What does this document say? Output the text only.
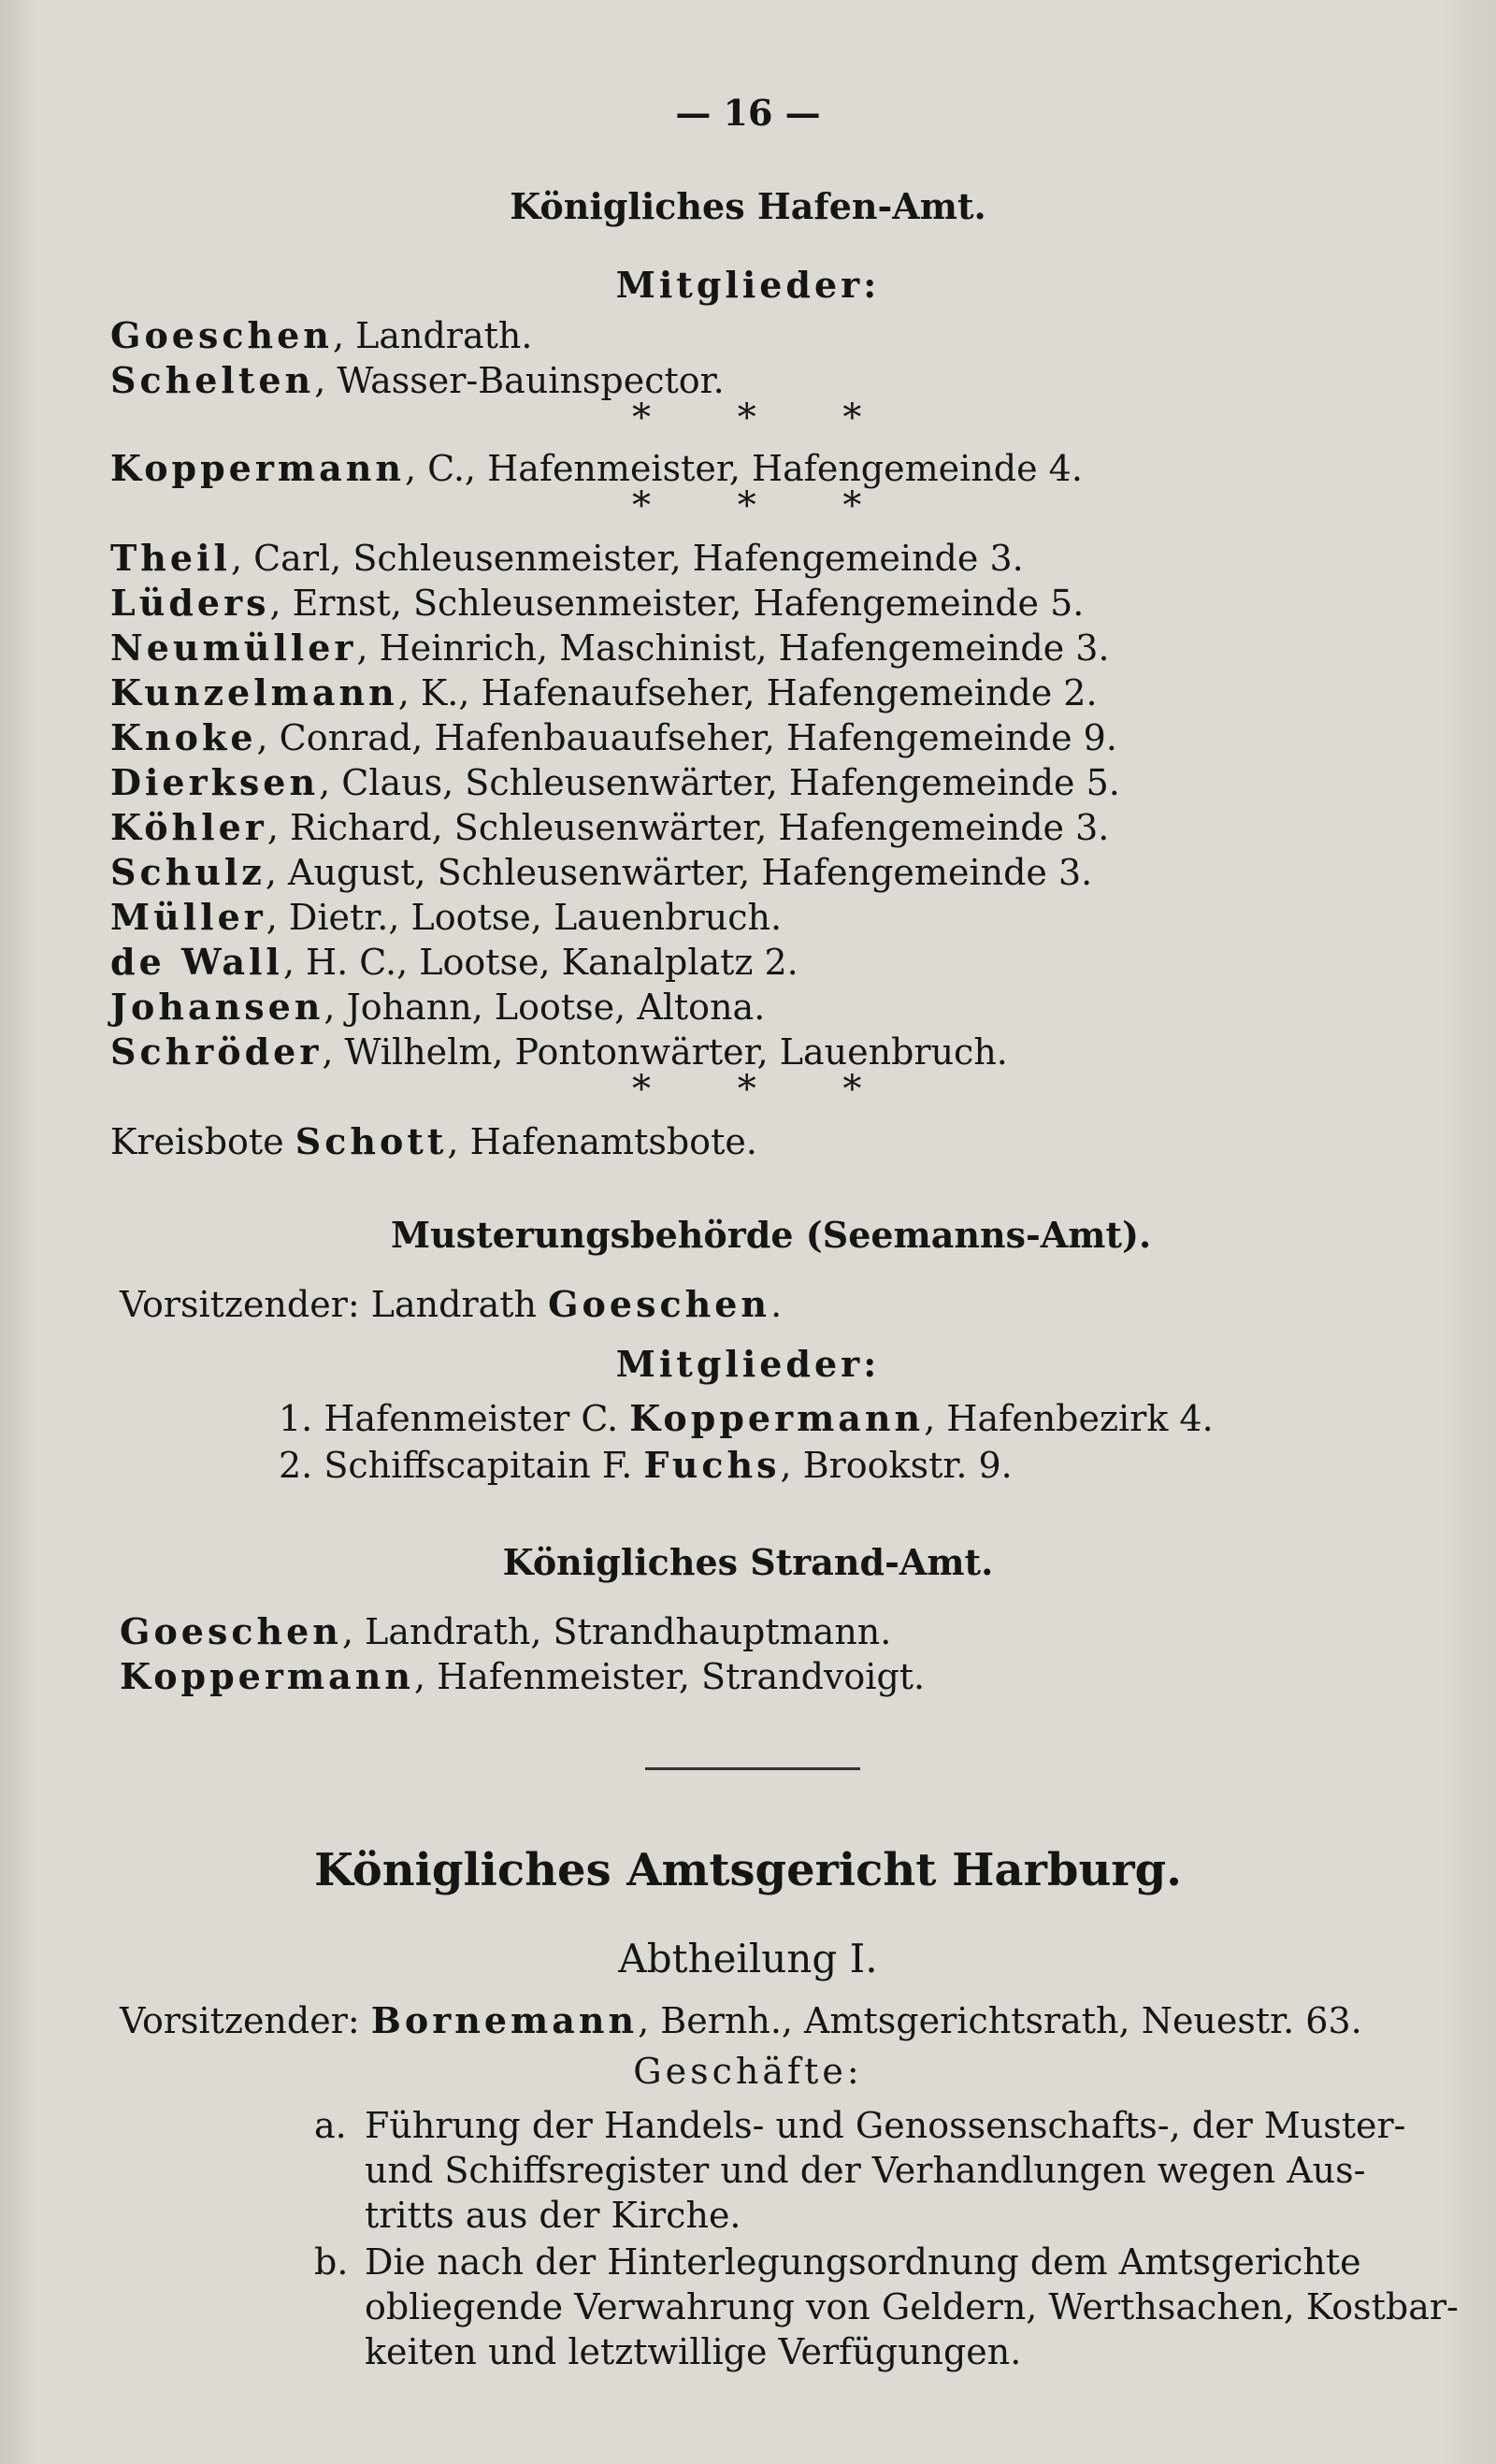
— 16 —
Königliches Hafen-Amt.
Mitglieder:
Goeschen, Landrath.
Schelten, Wasser-Bauinspector.
* * *
Koppermann, C., Hafenmeister, Hafengemeinde 4.
* * *
Theil, Carl, Schleusenmeister, Hafengemeinde 3.
Lüders, Ernst, Schleusenmeister, Hafengemeinde 5.
Neumüller, Heinrich, Maschinist, Hafengemeinde 3.
Kunzelmann, K., Hafenaufseher, Hafengemeinde 2.
Knoke, Conrad, Hafenbauaufseher, Hafengemeinde 9.
Dierksen, Claus, Schleusenwärter, Hafengemeinde 5.
Köhler, Richard, Schleusenwärter, Hafengemeinde 3.
Schulz, August, Schleusenwärter, Hafengemeinde 3.
Müller, Dietr., Lootse, Lauenbruch.
de Wall, H. C., Lootse, Kanalplatz 2.
Johansen, Johann, Lootse, Altona.
Schröder, Wilhelm, Pontonwärter, Lauenbruch.
* * *
Kreisbote Schott, Hafenamtsbote.
Musterungsbehörde (Seemanns-Amt).
Vorsitzender: Landrath Goeschen.
Mitglieder:
1. Hafenmeister C. Koppermann, Hafenbezirk 4.
2. Schiffscapitain F. Fuchs, Brookstr. 9.
Königliches Strand-Amt.
Goeschen, Landrath, Strandhauptmann.
Koppermann, Hafenmeister, Strandvoigt.
Königliches Amtsgericht Harburg.
Abtheilung I.
Vorsitzender: Bornemann, Bernh., Amtsgerichtsrath, Neuestr. 63.
Geschäfte:
a. Führung der Handels- und Genossenschafts-, der Muster-
und Schiffsregister und der Verhandlungen wegen Aus-
tritts aus der Kirche.
b. Die nach der Hinterlegungsordnung dem Amtsgerichte
obliegende Verwahrung von Geldern, Werthsachen, Kostbar-
keiten und letztwillige Verfügungen.
